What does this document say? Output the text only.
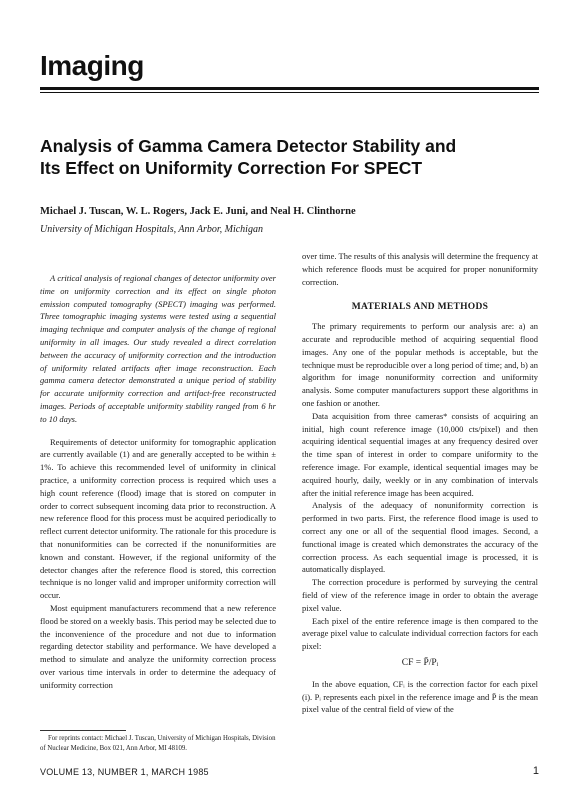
Imaging
Analysis of Gamma Camera Detector Stability and
Its Effect on Uniformity Correction For SPECT
Michael J. Tuscan, W. L. Rogers, Jack E. Juni, and Neal H. Clinthorne
University of Michigan Hospitals, Ann Arbor, Michigan

A critical analysis of regional changes of detector uniformity over time on uniformity correction and its effect on single photon emission computed tomography (SPECT) imaging was performed. Three tomographic imaging systems were tested using a sequential imaging technique and computer analysis of the change of regional uniformity in all images. Our study revealed a direct correlation between the accuracy of uniformity correction and the introduction of uniformity related artifacts after image reconstruction. Each gamma camera detector demonstrated a unique period of stability for accurate uniformity correction and artifact-free reconstructed images. Periods of acceptable uniformity stability ranged from 6 hr to 10 days.

Requirements of detector uniformity for tomographic application are currently available (1) and are generally accepted to be within ± 1%. To achieve this recommended level of uniformity in clinical practice, a uniformity correction process is required which uses a high count reference (flood) image that is stored on computer in order to correct subsequent incoming data prior to reconstruction. A new reference flood for this process must be acquired periodically to reflect current detector uniformity. The rationale for this procedure is that nonuniformities can be corrected if the nonuniformities are known and constant. However, if the regional uniformity of the detector changes after the reference flood is stored, this correction technique is no longer valid and improper uniformity correction will occur.

Most equipment manufacturers recommend that a new reference flood be stored on a weekly basis. This period may be selected due to the inconvenience of the procedure and not due to information regarding detector stability and performance. We have developed a method to simulate and analyze the uniformity correction process over various time intervals in order to determine the adequacy of uniformity correction

over time. The results of this analysis will determine the frequency at which reference floods must be acquired for proper nonuniformity correction.

MATERIALS AND METHODS

The primary requirements to perform our analysis are: a) an accurate and reproducible method of acquiring sequential flood images. Any one of the popular methods is acceptable, but the technique must be reproducible over a long period of time; and, b) an algorithm for image nonuniformity correction and uniformity analysis. Some computer manufacturers support these algorithms in one fashion or another.

Data acquisition from three cameras* consists of acquiring an initial, high count reference image (10,000 cts/pixel) and then acquiring identical sequential images at any frequency desired over the time span of interest in order to compare uniformity to the reference image. For example, identical sequential images may be acquired hourly, daily, weekly or in any combination of intervals after the initial reference image has been acquired.

Analysis of the adequacy of nonuniformity correction is performed in two parts. First, the reference flood image is used to correct any one or all of the sequential flood images. Second, a functional image is created which demonstrates the accuracy of the correction process. As each sequential image is processed, it is automatically displayed.

The correction procedure is performed by surveying the central field of view of the reference image in order to obtain the average pixel value.

Each pixel of the entire reference image is then compared to the average pixel value to calculate individual correction factors for each pixel:

CF = P̄/Pᵢ

In the above equation, CFᵢ is the correction factor for each pixel (i). Pᵢ represents each pixel in the reference image and P̄ is the mean pixel value of the central field of view of the

For reprints contact: Michael J. Tuscan, University of Michigan Hospitals, Division of Nuclear Medicine, Box 021, Ann Arbor, MI 48109.
VOLUME 13, NUMBER 1, MARCH 1985	1
